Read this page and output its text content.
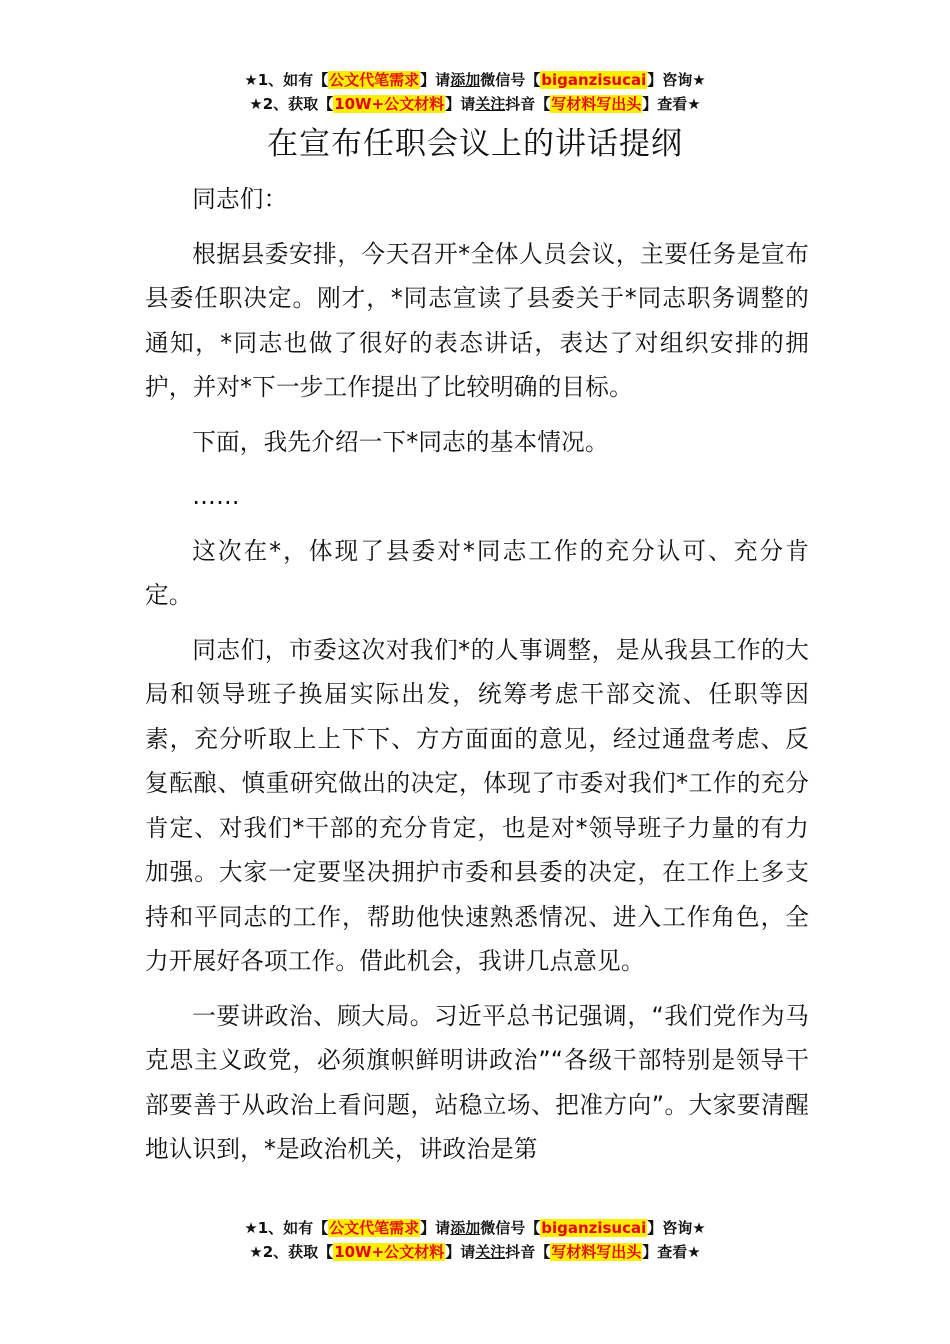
★1、如有【公文代笔需求】请添加微信号【biganzisucai】咨询★
★2、获取【10W+公文材料】请关注抖音【写材料写出头】查看★
在宣布任职会议上的讲话提纲

同志们：

根据县委安排，今天召开*全体人员会议，主要任务是宣布县委任职决定。刚才，*同志宣读了县委关于*同志职务调整的通知，*同志也做了很好的表态讲话，表达了对组织安排的拥护，并对*下一步工作提出了比较明确的目标。

下面，我先介绍一下*同志的基本情况。

……

这次在*，体现了县委对*同志工作的充分认可、充分肯定。

同志们，市委这次对我们*的人事调整，是从我县工作的大局和领导班子换届实际出发，统筹考虑干部交流、任职等因素，充分听取上上下下、方方面面的意见，经过通盘考虑、反复酝酿、慎重研究做出的决定，体现了市委对我们*工作的充分肯定、对我们*干部的充分肯定，也是对*领导班子力量的有力加强。大家一定要坚决拥护市委和县委的决定，在工作上多支持和平同志的工作，帮助他快速熟悉情况、进入工作角色，全力开展好各项工作。借此机会，我讲几点意见。

一要讲政治、顾大局。习近平总书记强调，“我们党作为马克思主义政党，必须旗帜鲜明讲政治”“各级干部特别是领导干部要善于从政治上看问题，站稳立场、把准方向”。大家要清醒地认识到，*是政治机关，讲政治是第

★1、如有【公文代笔需求】请添加微信号【biganzisucai】咨询★
★2、获取【10W+公文材料】请关注抖音【写材料写出头】查看★
